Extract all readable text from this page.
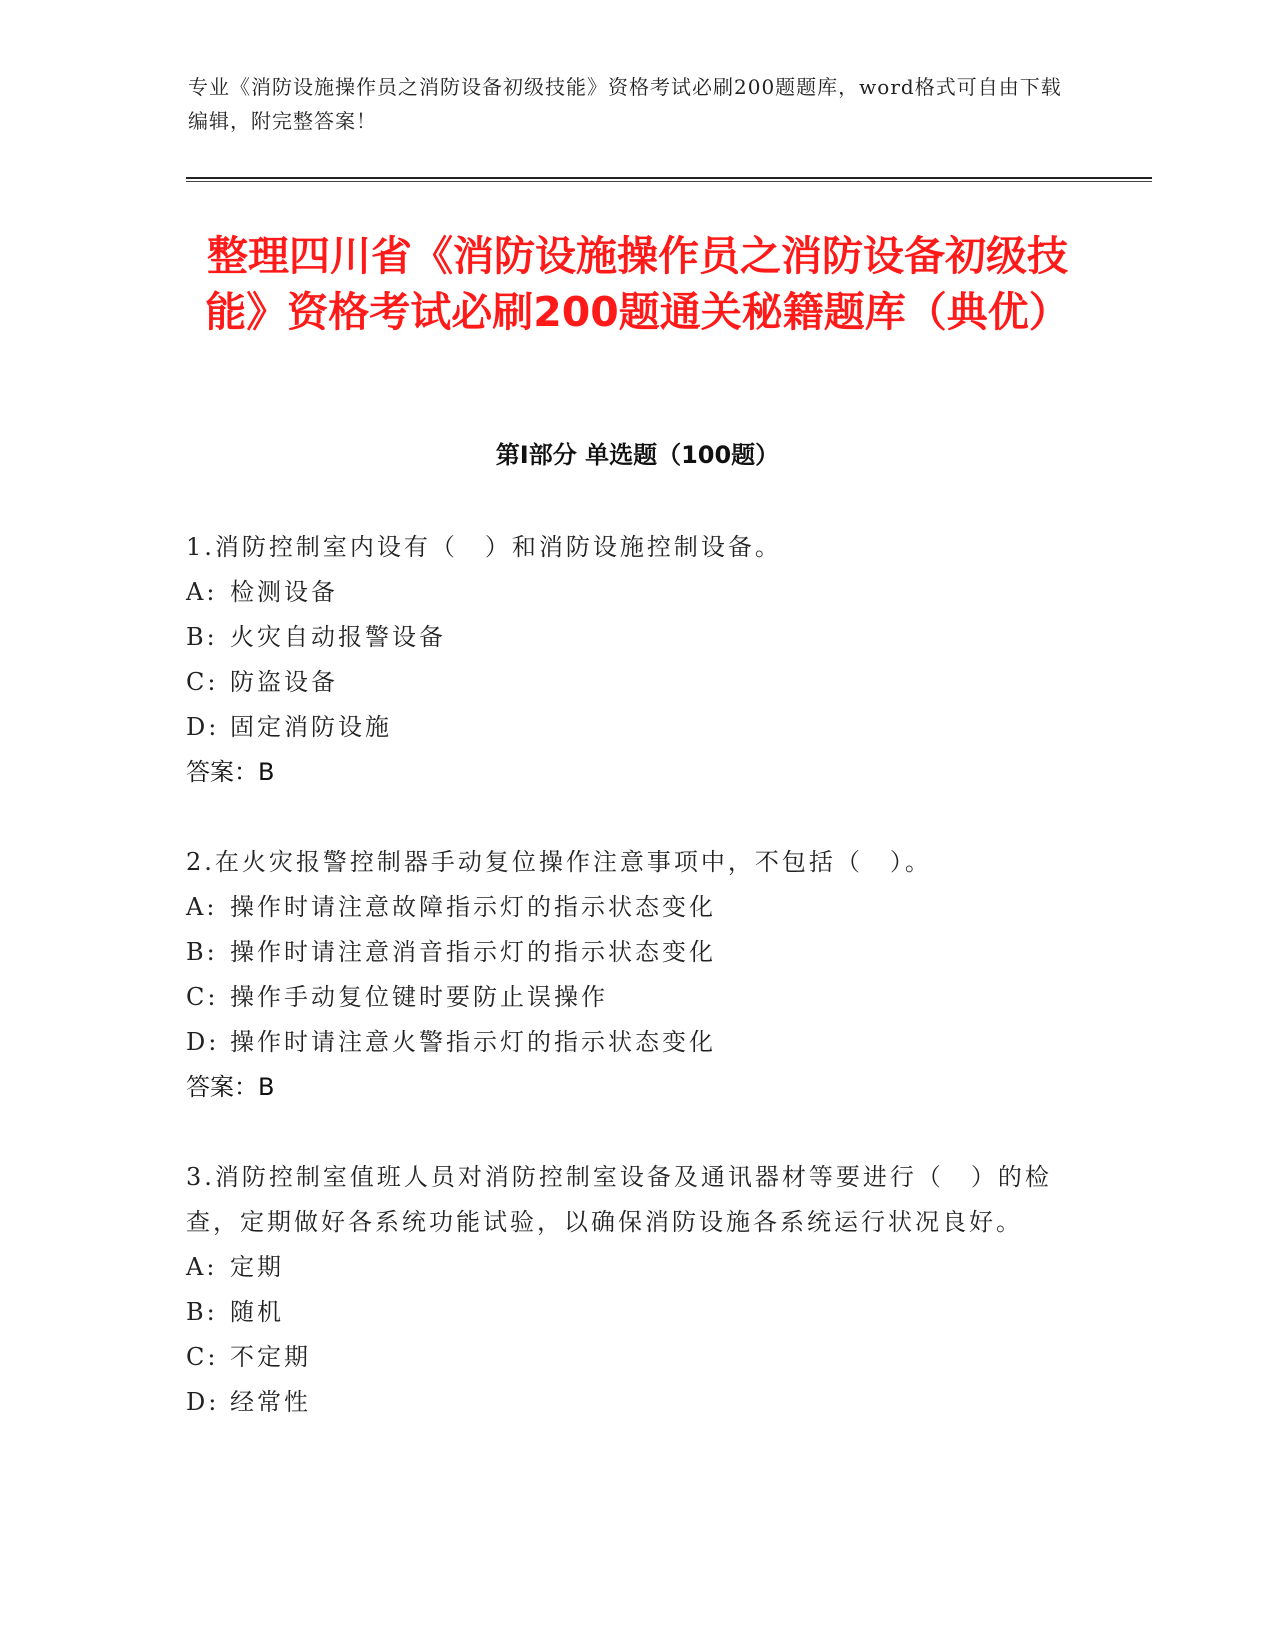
专业《消防设施操作员之消防设备初级技能》资格考试必刷200题题库，word格式可自由下载编辑，附完整答案！
整理四川省《消防设施操作员之消防设备初级技能》资格考试必刷200题通关秘籍题库（典优）
第I部分 单选题（100题）

1.消防控制室内设有（　）和消防设施控制设备。

A: 检测设备

B: 火灾自动报警设备

C: 防盗设备

D: 固定消防设施

答案：B

2.在火灾报警控制器手动复位操作注意事项中，不包括（　）。

A: 操作时请注意故障指示灯的指示状态变化

B: 操作时请注意消音指示灯的指示状态变化

C: 操作手动复位键时要防止误操作

D: 操作时请注意火警指示灯的指示状态变化

答案：B

3.消防控制室值班人员对消防控制室设备及通讯器材等要进行（　）的检查，定期做好各系统功能试验，以确保消防设施各系统运行状况良好。

A: 定期

B: 随机

C: 不定期

D: 经常性
